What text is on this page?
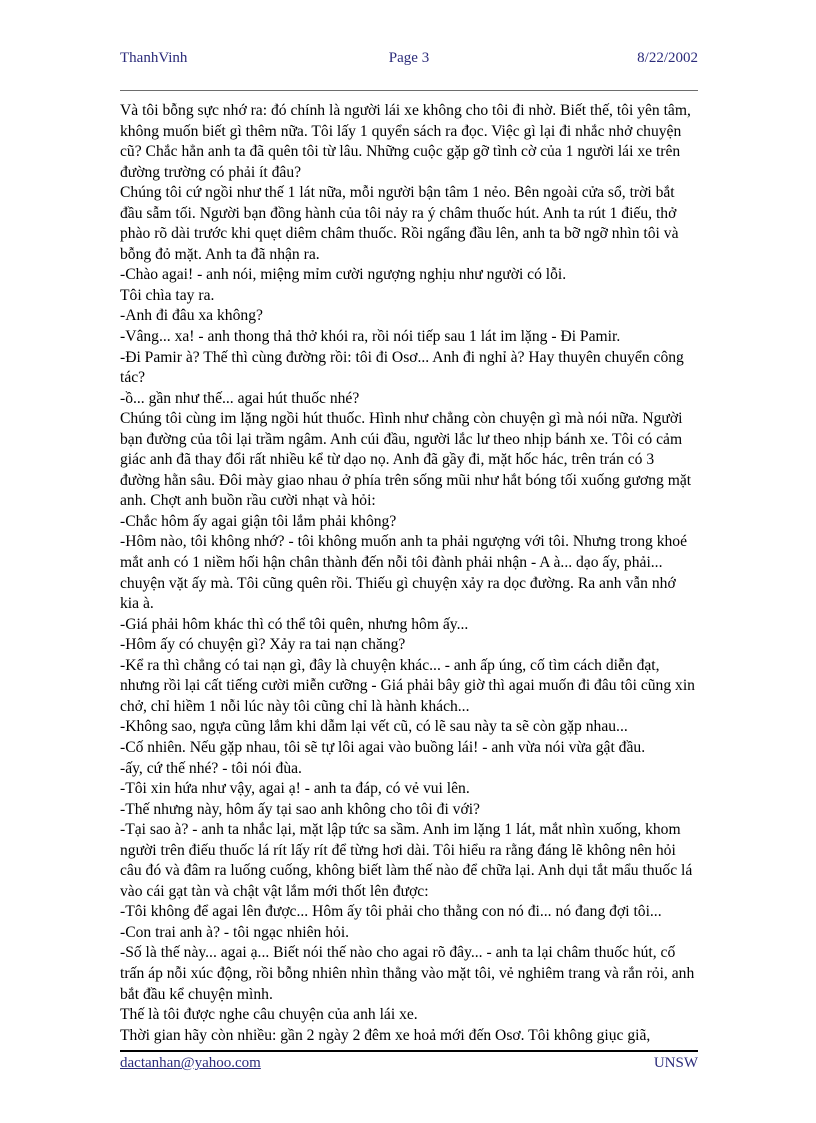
ThanhVinh	Page 3	8/22/2002

Và tôi bỗng sực nhớ ra: đó chính là người lái xe không cho tôi đi nhờ. Biết thế, tôi yên tâm, không muốn biết gì thêm nữa. Tôi lấy 1 quyển sách ra đọc. Việc gì lại đi nhắc nhở chuyện cũ? Chắc hẳn anh ta đã quên tôi từ lâu. Những cuộc gặp gỡ tình cờ của 1 người lái xe trên đường trường có phải ít đâu?

Chúng tôi cứ ngồi như thế 1 lát nữa, mỗi người bận tâm 1 nẻo. Bên ngoài cửa sổ, trời bắt đầu sẫm tối. Người bạn đồng hành của tôi nảy ra ý châm thuốc hút. Anh ta rút 1 điếu, thở phào rõ dài trước khi quẹt diêm châm thuốc. Rồi ngẩng đầu lên, anh ta bỡ ngỡ nhìn tôi và bỗng đỏ mặt. Anh ta đã nhận ra.

-Chào agai! - anh nói, miệng mỉm cười ngượng nghịu như người có lỗi.

Tôi chìa tay ra.

-Anh đi đâu xa không?

-Vâng... xa! - anh thong thả thở khói ra, rồi nói tiếp sau 1 lát im lặng - Đi Pamir.

-Đi Pamir à? Thế thì cùng đường rồi: tôi đi Osơ... Anh đi nghỉ à? Hay thuyên chuyển công tác?

-ồ... gần như thế... agai hút thuốc nhé?

Chúng tôi cùng im lặng ngồi hút thuốc. Hình như chẳng còn chuyện gì mà nói nữa. Người bạn đường của tôi lại trầm ngâm. Anh cúi đầu, người lắc lư theo nhịp bánh xe. Tôi có cảm giác anh đã thay đổi rất nhiều kể từ dạo nọ. Anh đã gầy đi, mặt hốc hác, trên trán có 3 đường hằn sâu. Đôi mày giao nhau ở phía trên sống mũi như hắt bóng tối xuống gương mặt anh. Chợt anh buồn rầu cười nhạt và hỏi:

-Chắc hôm ấy agai giận tôi lắm phải không?

-Hôm nào, tôi không nhớ? - tôi không muốn anh ta phải ngượng với tôi. Nhưng trong khoé mắt anh có 1 niềm hối hận chân thành đến nỗi tôi đành phải nhận - A à... dạo ấy, phải... chuyện vặt ấy mà. Tôi cũng quên rồi. Thiếu gì chuyện xảy ra dọc đường. Ra anh vẫn nhớ kia à.

-Giá phải hôm khác thì có thể tôi quên, nhưng hôm ấy...

-Hôm ấy có chuyện gì? Xảy ra tai nạn chăng?

-Kể ra thì chẳng có tai nạn gì, đây là chuyện khác... - anh ấp úng, cố tìm cách diễn đạt, nhưng rồi lại cất tiếng cười miễn cưỡng - Giá phải bây giờ thì agai muốn đi đâu tôi cũng xin chở, chỉ hiềm 1 nỗi lúc này tôi cũng chỉ là hành khách...

-Không sao, ngựa cũng lắm khi dẫm lại vết cũ, có lẽ sau này ta sẽ còn gặp nhau...

-Cố nhiên. Nếu gặp nhau, tôi sẽ tự lôi agai vào buồng lái! - anh vừa nói vừa gật đầu.

-ấy, cứ thế nhé? - tôi nói đùa.

-Tôi xin hứa như vậy, agai ạ! - anh ta đáp, có vẻ vui lên.

-Thế nhưng này, hôm ấy tại sao anh không cho tôi đi với?

-Tại sao à? - anh ta nhắc lại, mặt lập tức sa sầm. Anh im lặng 1 lát, mắt nhìn xuống, khom người trên điếu thuốc lá rít lấy rít để từng hơi dài. Tôi hiểu ra rằng đáng lẽ không nên hỏi câu đó và đâm ra luống cuống, không biết làm thế nào để chữa lại. Anh dụi tắt mẩu thuốc lá vào cái gạt tàn và chật vật lắm mới thốt lên được:

-Tôi không để agai lên được... Hôm ấy tôi phải cho thằng con nó đi... nó đang đợi tôi...

-Con trai anh à? - tôi ngạc nhiên hỏi.

-Số là thế này... agai ạ... Biết nói thế nào cho agai rõ đây... - anh ta lại châm thuốc hút, cố trấn áp nỗi xúc động, rồi bỗng nhiên nhìn thẳng vào mặt tôi, vẻ nghiêm trang và rắn rỏi, anh bắt đầu kể chuyện mình.

Thế là tôi được nghe câu chuyện của anh lái xe.

Thời gian hãy còn nhiều: gần 2 ngày 2 đêm xe hoả mới đến Osơ. Tôi không giục giã,

dactanhan@yahoo.com	UNSW
